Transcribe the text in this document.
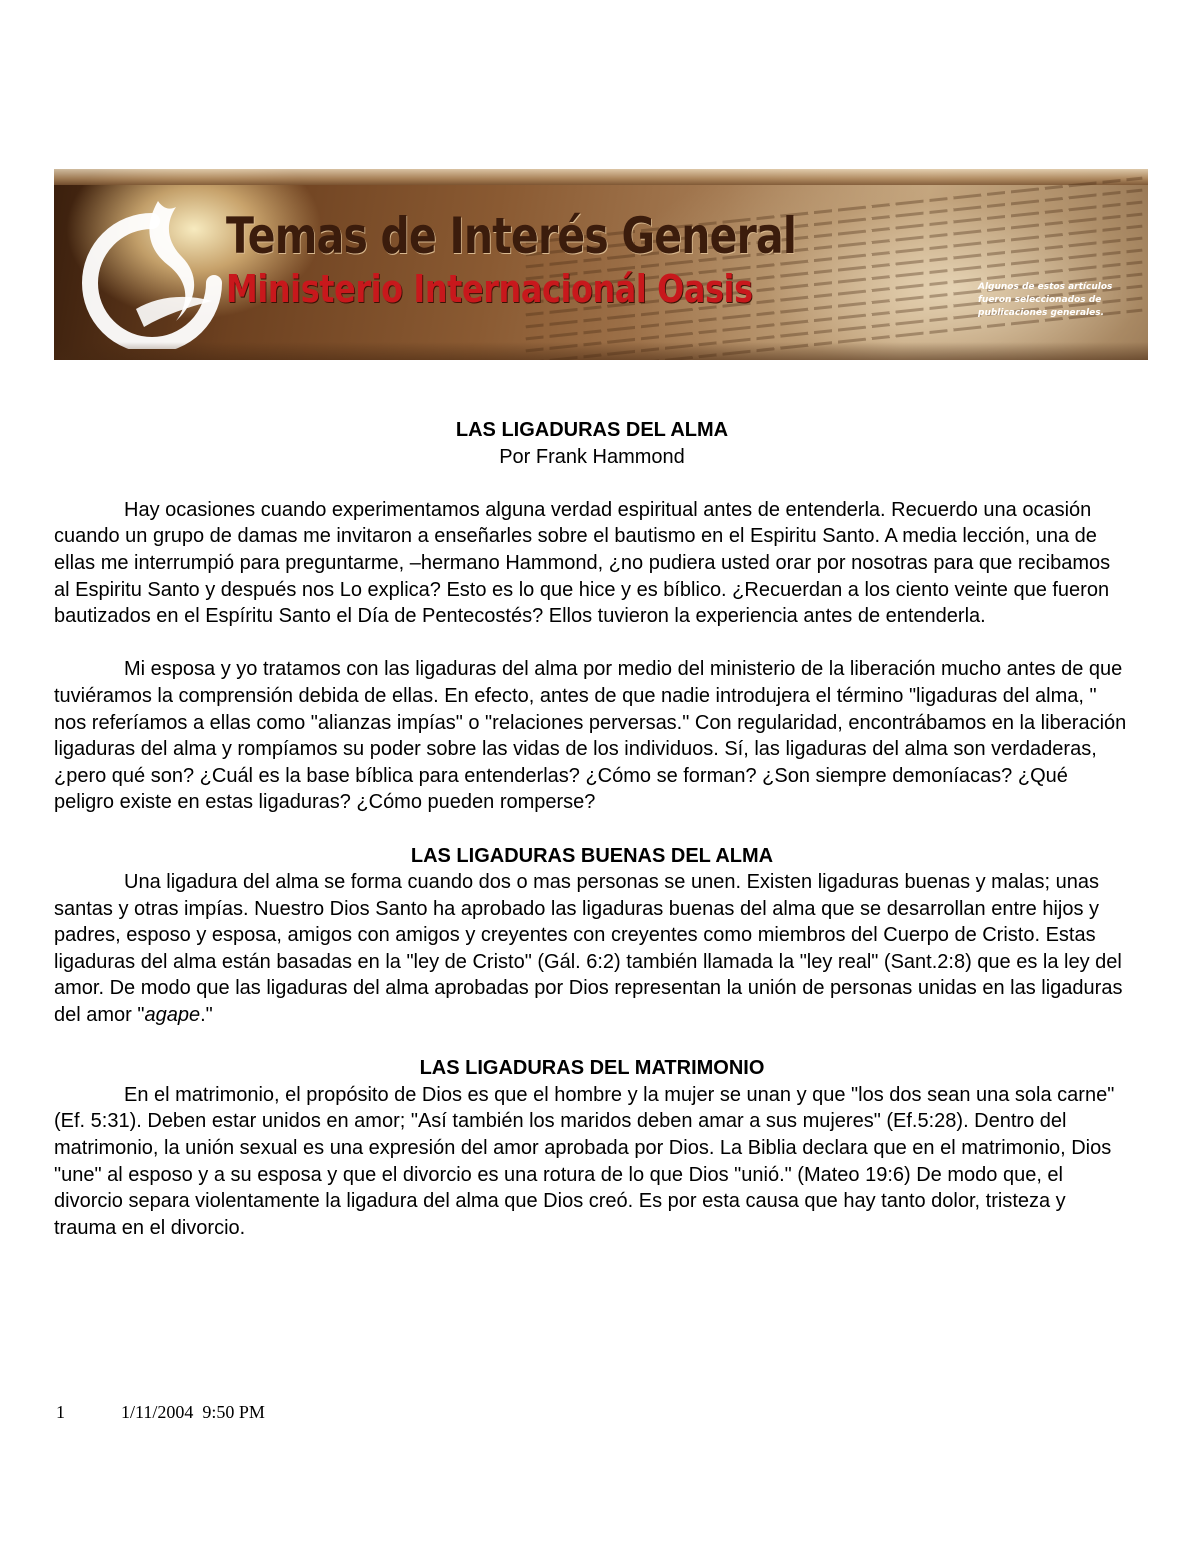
Temas de Interés General
Ministerio Internacionál Oasis	Algunos de estos artículos fueron seleccionados de publicaciones generales.
LAS LIGADURAS DEL ALMA
Por Frank Hammond

Hay ocasiones cuando experimentamos alguna verdad espiritual antes de entenderla. Recuerdo una ocasión cuando un grupo de damas me invitaron a enseñarles sobre el bautismo en el Espiritu Santo. A media lección, una de ellas me interrumpió para preguntarme, –hermano Hammond, ¿no pudiera usted orar por nosotras para que recibamos al Espiritu Santo y después nos Lo explica? Esto es lo que hice y es bíblico. ¿Recuerdan a los ciento veinte que fueron bautizados en el Espíritu Santo el Día de Pentecostés? Ellos tuvieron la experiencia antes de entenderla.

Mi esposa y yo tratamos con las ligaduras del alma por medio del ministerio de la liberación mucho antes de que tuviéramos la comprensión debida de ellas. En efecto, antes de que nadie introdujera el término "ligaduras del alma, " nos referíamos a ellas como "alianzas impías" o "relaciones perversas." Con regularidad, encontrábamos en la liberación ligaduras del alma y rompíamos su poder sobre las vidas de los individuos. Sí, las ligaduras del alma son verdaderas, ¿pero qué son? ¿Cuál es la base bíblica para entenderlas? ¿Cómo se forman? ¿Son siempre demoníacas? ¿Qué peligro existe en estas ligaduras? ¿Cómo pueden romperse?

LAS LIGADURAS BUENAS DEL ALMA

Una ligadura del alma se forma cuando dos o mas personas se unen. Existen ligaduras buenas y malas; unas santas y otras impías. Nuestro Dios Santo ha aprobado las ligaduras buenas del alma que se desarrollan entre hijos y padres, esposo y esposa, amigos con amigos y creyentes con creyentes como miembros del Cuerpo de Cristo. Estas ligaduras del alma están basadas en la "ley de Cristo" (Gál. 6:2) también llamada la "ley real" (Sant.2:8) que es la ley del amor. De modo que las ligaduras del alma aprobadas por Dios representan la unión de personas unidas en las ligaduras del amor "agape."

LAS LIGADURAS DEL MATRIMONIO

En el matrimonio, el propósito de Dios es que el hombre y la mujer se unan y que "los dos sean una sola carne" (Ef. 5:31). Deben estar unidos en amor; "Así también los maridos deben amar a sus mujeres" (Ef.5:28). Dentro del matrimonio, la unión sexual es una expresión del amor aprobada por Dios. La Biblia declara que en el matrimonio, Dios "une" al esposo y a su esposa y que el divorcio es una rotura de lo que Dios "unió." (Mateo 19:6) De modo que, el divorcio separa violentamente la ligadura del alma que Dios creó. Es por esta causa que hay tanto dolor, tristeza y trauma en el divorcio.

1	1/11/2004  9:50 PM
